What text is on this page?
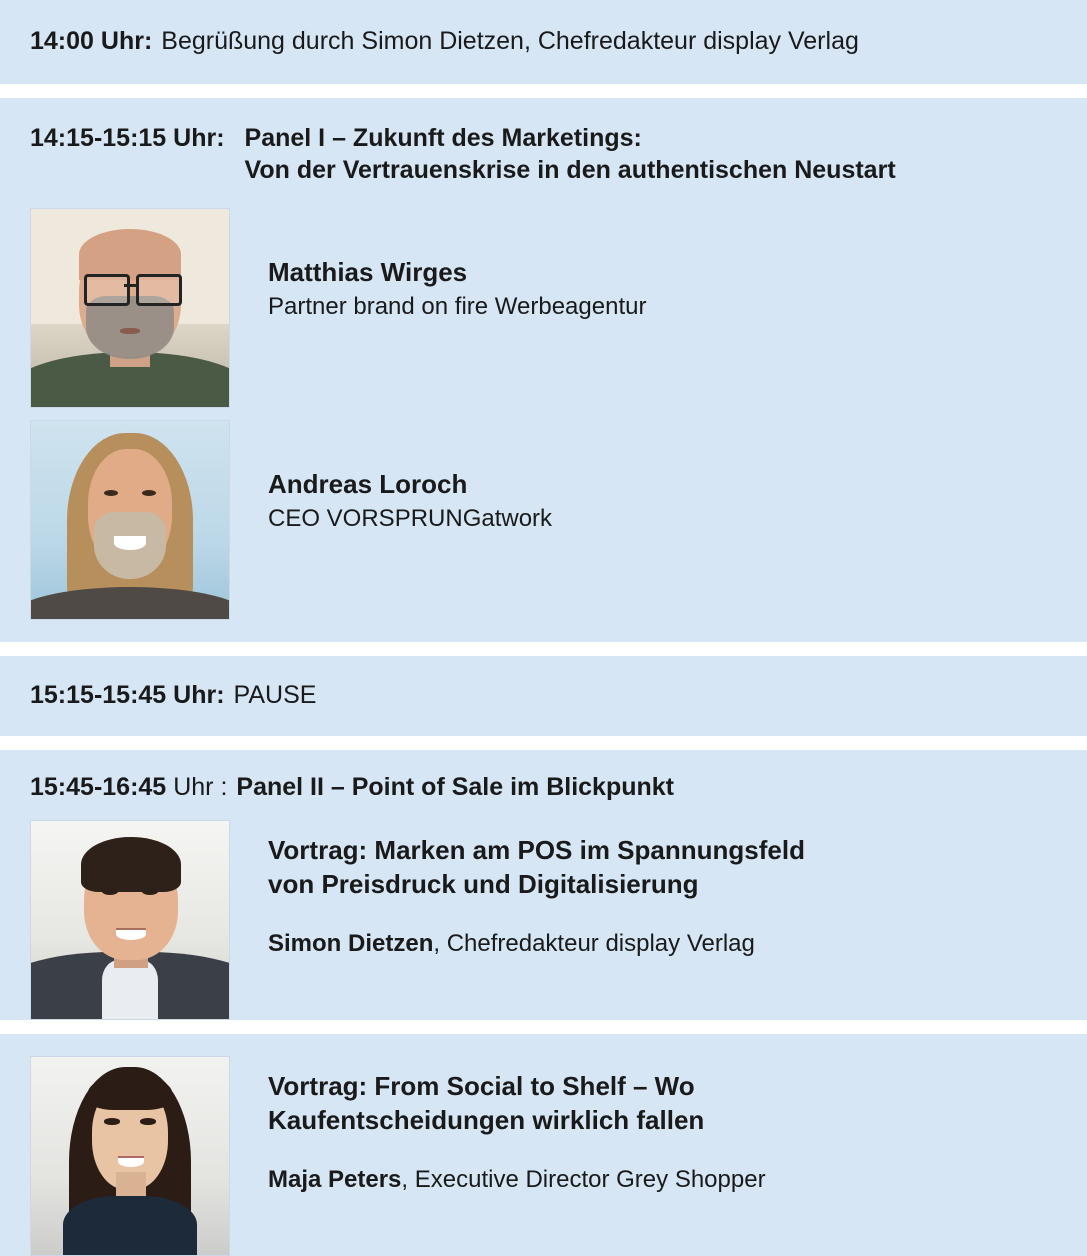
14:00 Uhr: Begrüßung durch Simon Dietzen, Chefredakteur display Verlag
14:15-15:15 Uhr: Panel I – Zukunft des Marketings:
Von der Vertrauenskrise in den authentischen Neustart
Matthias Wirges
Partner brand on fire Werbeagentur
Andreas Loroch
CEO VORSPRUNGatwork
15:15-15:45 Uhr: PAUSE
15:45-16:45 Uhr : Panel II – Point of Sale im Blickpunkt
Vortrag: Marken am POS im Spannungsfeld
von Preisdruck und Digitalisierung
Simon Dietzen, Chefredakteur display Verlag
Vortrag: From Social to Shelf – Wo
Kaufentscheidungen wirklich fallen
Maja Peters, Executive Director Grey Shopper
